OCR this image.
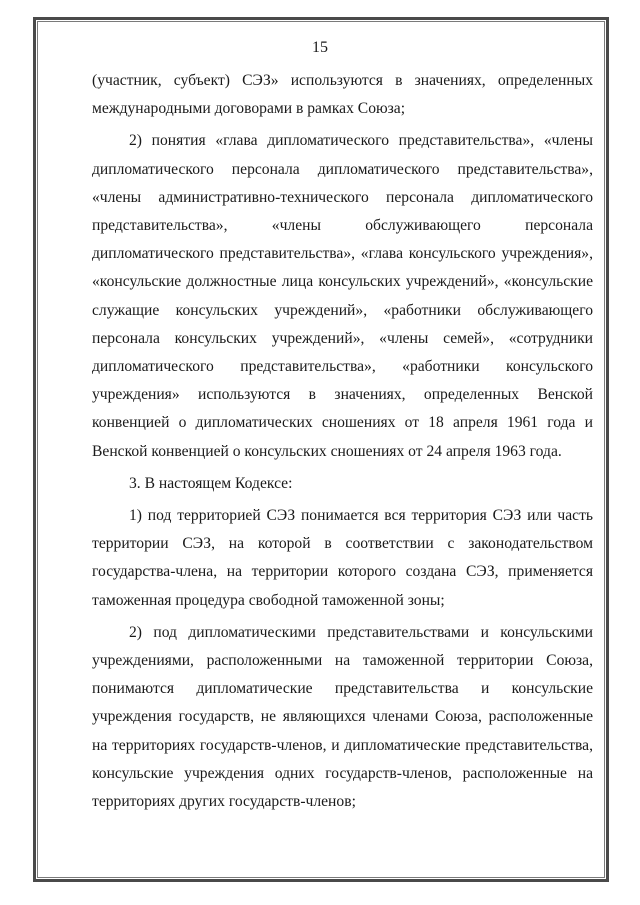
15

(участник, субъект) СЭЗ» используются в значениях, определенных международными договорами в рамках Союза;

2) понятия «глава дипломатического представительства», «члены дипломатического персонала дипломатического представительства», «члены административно-технического персонала дипломатического представительства», «члены обслуживающего персонала дипломатического представительства», «глава консульского учреждения», «консульские должностные лица консульских учреждений», «консульские служащие консульских учреждений», «работники обслуживающего персонала консульских учреждений», «члены семей», «сотрудники дипломатического представительства», «работники консульского учреждения» используются в значениях, определенных Венской конвенцией о дипломатических сношениях от 18 апреля 1961 года и Венской конвенцией о консульских сношениях от 24 апреля 1963 года.

3. В настоящем Кодексе:

1) под территорией СЭЗ понимается вся территория СЭЗ или часть территории СЭЗ, на которой в соответствии с законодательством государства-члена, на территории которого создана СЭЗ, применяется таможенная процедура свободной таможенной зоны;

2) под дипломатическими представительствами и консульскими учреждениями, расположенными на таможенной территории Союза, понимаются дипломатические представительства и консульские учреждения государств, не являющихся членами Союза, расположенные на территориях государств-членов, и дипломатические представительства, консульские учреждения одних государств-членов, расположенные на территориях других государств-членов;
